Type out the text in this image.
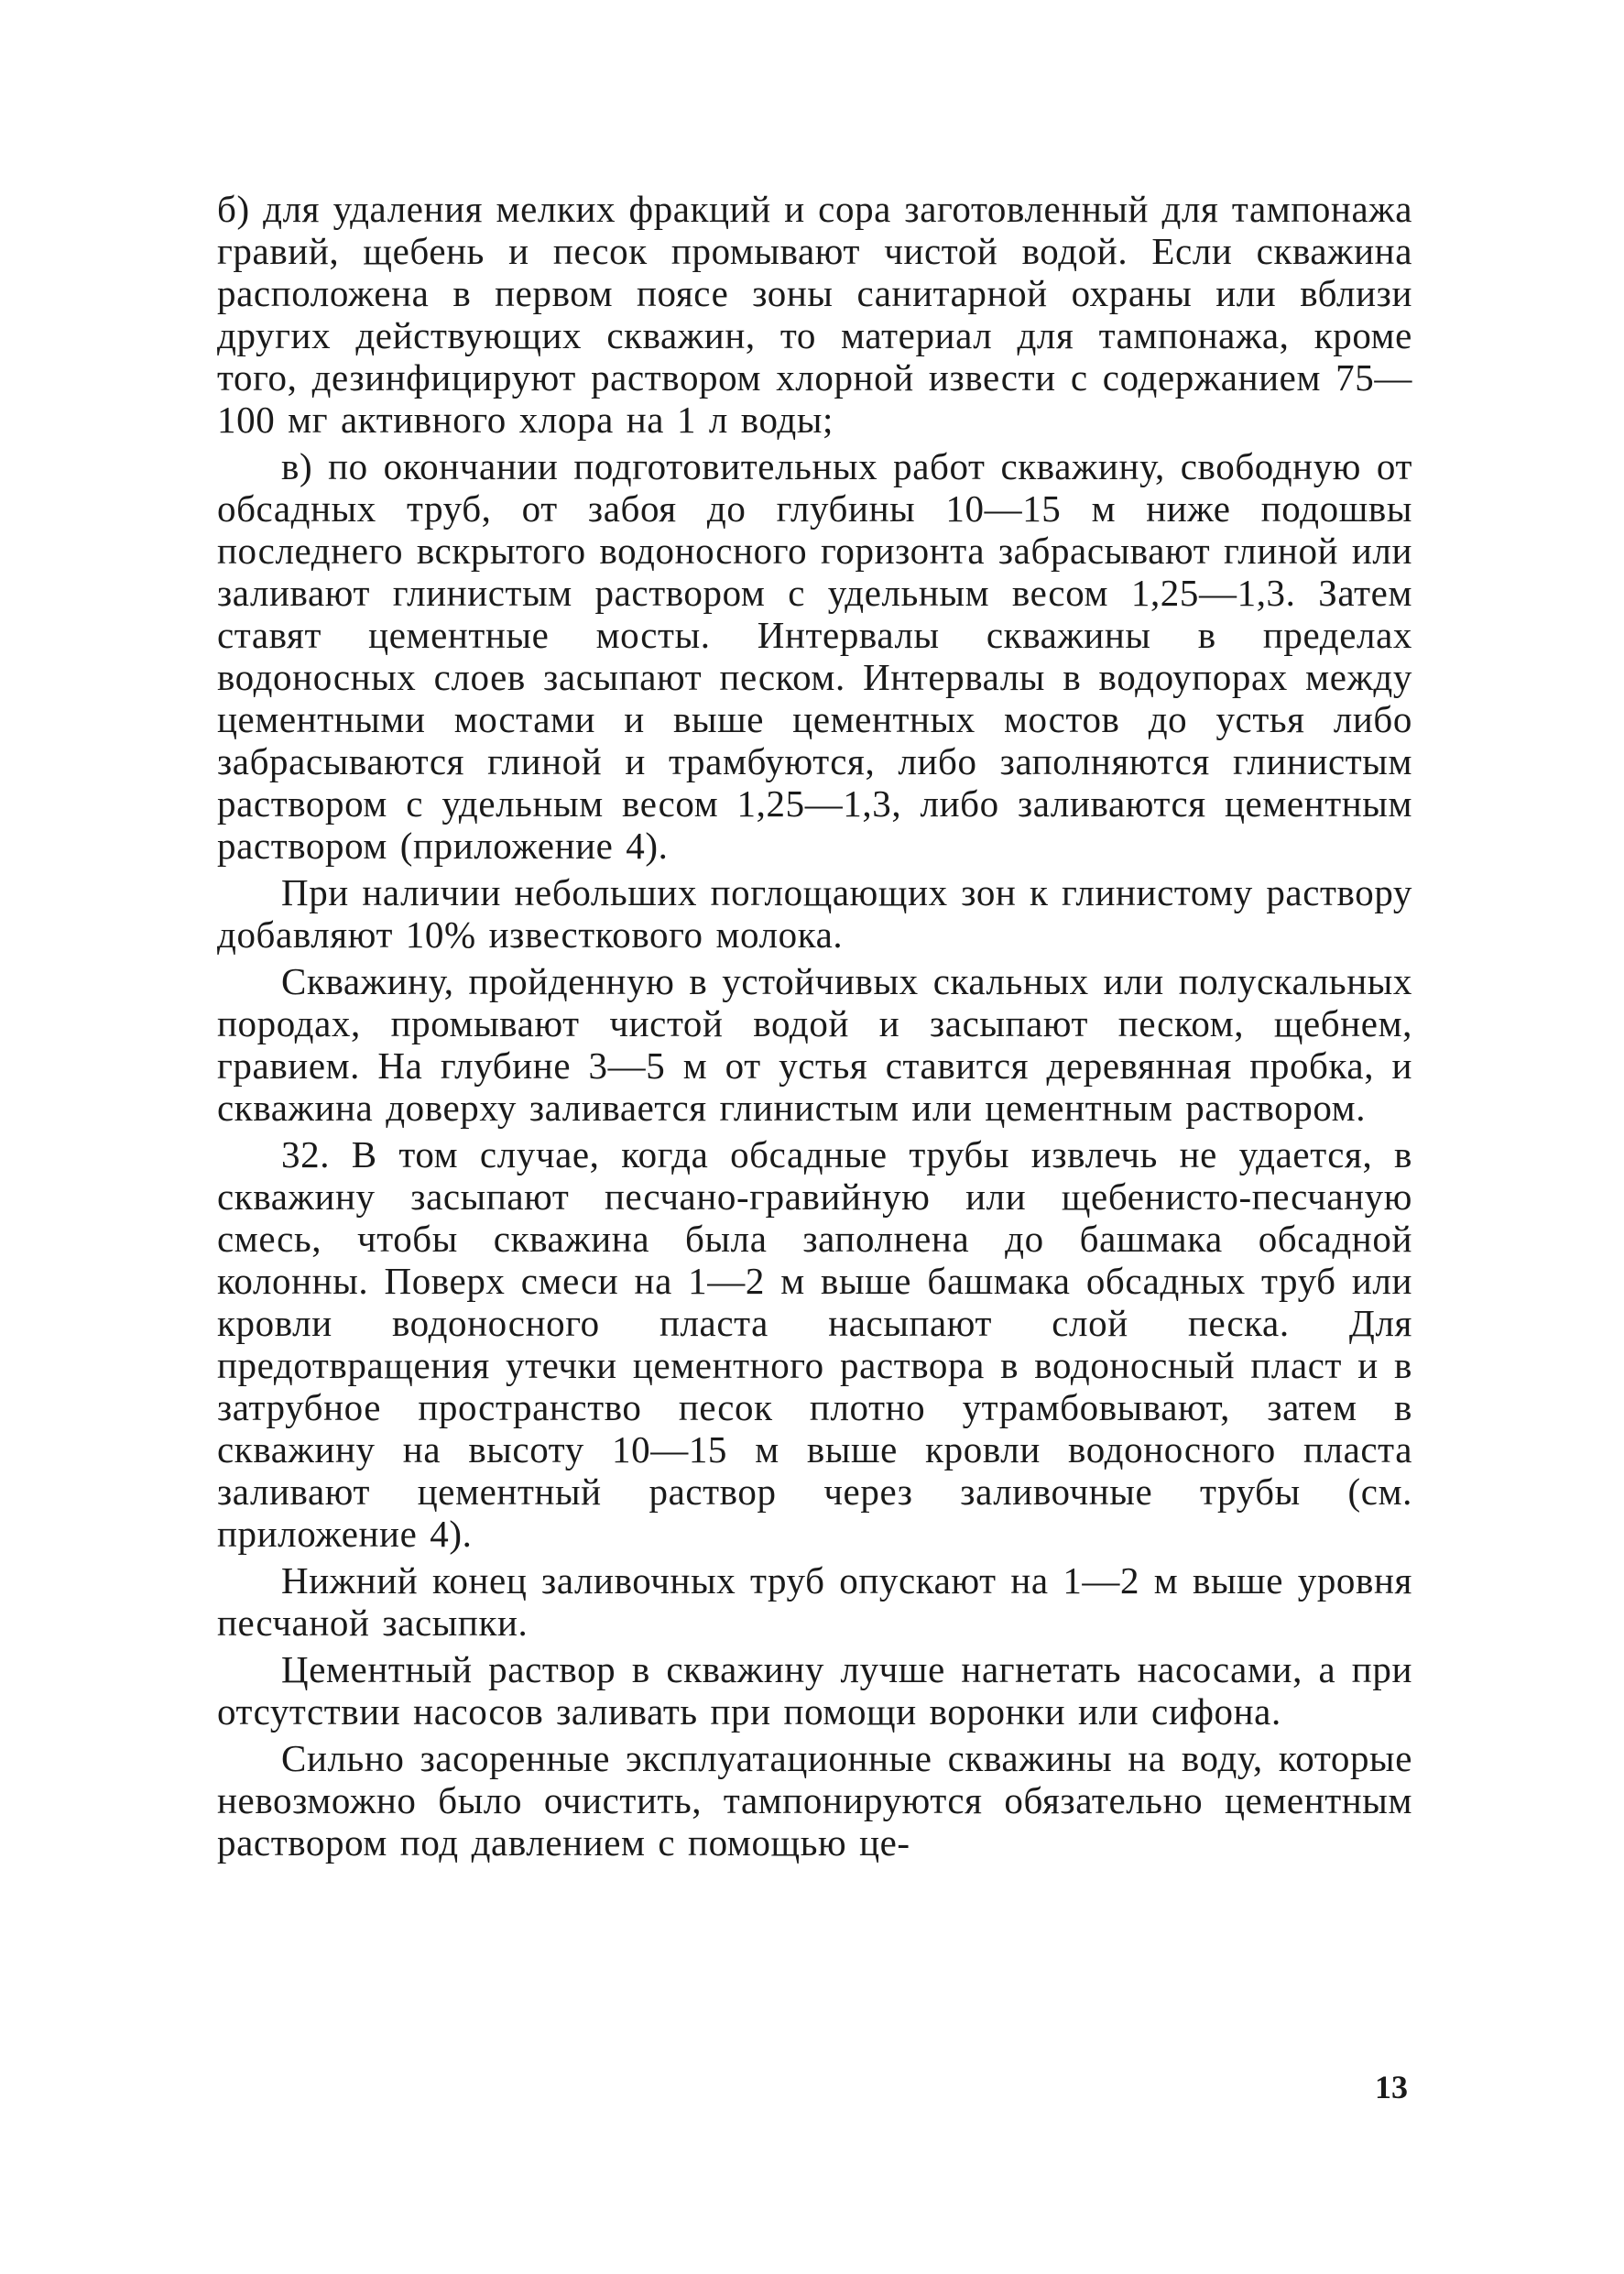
б) для удаления мелких фракций и сора заготовленный для тампонажа гравий, щебень и песок промывают чистой водой. Если скважина расположена в первом поясе зоны санитарной охраны или вблизи других действующих скважин, то материал для тампонажа, кроме того, дезинфицируют раствором хлорной извести с содержанием 75—100 мг активного хлора на 1 л воды;

в) по окончании подготовительных работ скважину, свободную от обсадных труб, от забоя до глубины 10—15 м ниже подошвы последнего вскрытого водоносного горизонта забрасывают глиной или заливают глинистым раствором с удельным весом 1,25—1,3. Затем ставят цементные мосты. Интервалы скважины в пределах водоносных слоев засыпают песком. Интервалы в водоупорах между цементными мостами и выше цементных мостов до устья либо забрасываются глиной и трамбуются, либо заполняются глинистым раствором с удельным весом 1,25—1,3, либо заливаются цементным раствором (приложение 4).

При наличии небольших поглощающих зон к глинистому раствору добавляют 10% известкового молока.

Скважину, пройденную в устойчивых скальных или полускальных породах, промывают чистой водой и засыпают песком, щебнем, гравием. На глубине 3—5 м от устья ставится деревянная пробка, и скважина доверху заливается глинистым или цементным раствором.

32. В том случае, когда обсадные трубы извлечь не удается, в скважину засыпают песчано-гравийную или щебенисто-песчаную смесь, чтобы скважина была заполнена до башмака обсадной колонны. Поверх смеси на 1—2 м выше башмака обсадных труб или кровли водоносного пласта насыпают слой песка. Для предотвращения утечки цементного раствора в водоносный пласт и в затрубное пространство песок плотно утрамбовывают, затем в скважину на высоту 10—15 м выше кровли водоносного пласта заливают цементный раствор через заливочные трубы (см. приложение 4).

Нижний конец заливочных труб опускают на 1—2 м выше уровня песчаной засыпки.

Цементный раствор в скважину лучше нагнетать насосами, а при отсутствии насосов заливать при помощи воронки или сифона.

Сильно засоренные эксплуатационные скважины на воду, которые невозможно было очистить, тампонируются обязательно цементным раствором под давлением с помощью це-

13
